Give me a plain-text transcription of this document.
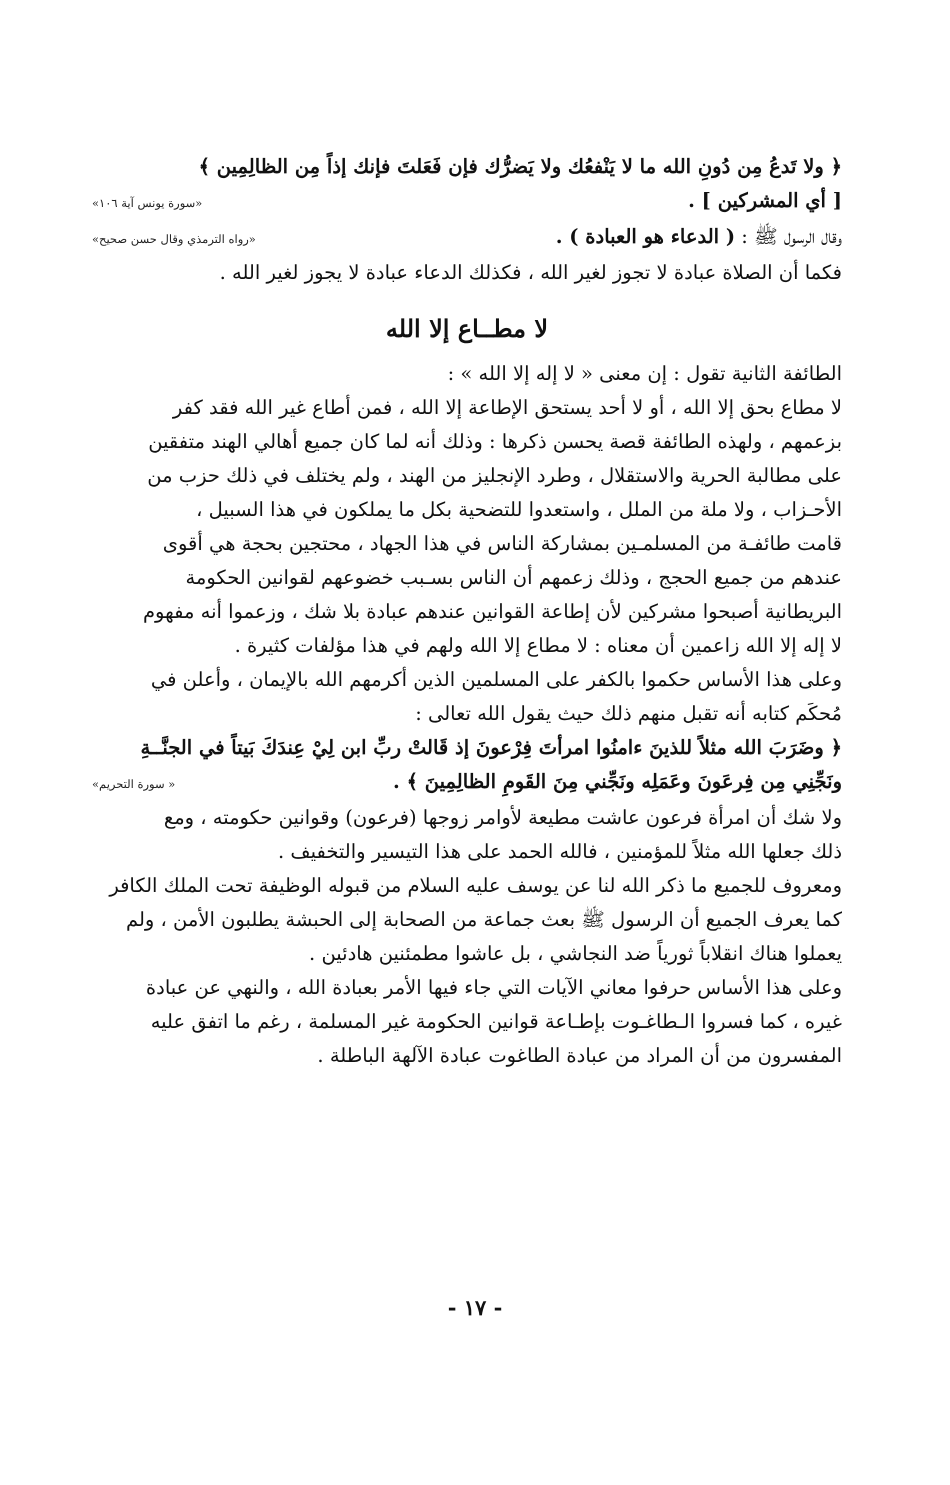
﴿ ولا تَدعُ مِن دُونِ الله ما لا يَنْفعُك ولا يَضرُّك فإن فَعَلتَ فإنك إذاً مِن الظالِمِين ﴾
[ أي المشركين ] .
«سورة يونس آية ١٠٦»
وقال الرسول ﷺ : ( الدعاء هو العبادة ) .
«رواه الترمذي وقال حسن صحيح»
فكما أن الصلاة عبادة لا تجوز لغير الله ، فكذلك الدعاء عبادة لا يجوز لغير الله .
لا مطــاع إلا الله
الطائفة الثانية تقول : إن معنى « لا إله إلا الله » :
لا مطاع بحق إلا الله ، أو لا أحد يستحق الإطاعة إلا الله ، فمن أطاع غير الله فقد كفر
بزعمهم ، ولهذه الطائفة قصة يحسن ذكرها : وذلك أنه لما كان جميع أهالي الهند متفقين
على مطالبة الحرية والاستقلال ، وطرد الإنجليز من الهند ، ولم يختلف في ذلك حزب من
الأحـزاب ، ولا ملة من الملل ، واستعدوا للتضحية بكل ما يملكون في هذا السبيل ،
قامت طائفـة من المسلمـين بمشاركة الناس في هذا الجهاد ، محتجين بحجة هي أقوى
عندهم من جميع الحجج ، وذلك زعمهم أن الناس بسـبب خضوعهم لقوانين الحكومة
البريطانية أصبحوا مشركين لأن إطاعة القوانين عندهم عبادة بلا شك ، وزعموا أنه مفهوم
لا إله إلا الله زاعمين أن معناه : لا مطاع إلا الله ولهم في هذا مؤلفات كثيرة .
وعلى هذا الأساس حكموا بالكفر على المسلمين الذين أكرمهم الله بالإيمان ، وأعلن في
مُحكَم كتابه أنه تقبل منهم ذلك حيث يقول الله تعالى :
﴿ وضَرَبَ الله مثلاً للذينَ ءامنُوا امرأتَ فِرْعونَ إذ قَالتْ ربِّ ابن لِيْ عِندَكَ بَيتاً في الجنَّــةِ
ونَجِّنِي مِن فِرعَونَ وعَمَلِه ونَجِّني مِنَ القَومِ الظالِمِينَ ﴾ .
« سورة التحريم»
ولا شك أن امرأة فرعون عاشت مطيعة لأوامر زوجها (فرعون) وقوانين حكومته ، ومع
ذلك جعلها الله مثلاً للمؤمنين ، فالله الحمد على هذا التيسير والتخفيف .
ومعروف للجميع ما ذكر الله لنا عن يوسف عليه السلام من قبوله الوظيفة تحت الملك الكافر
كما يعرف الجميع أن الرسول ﷺ بعث جماعة من الصحابة إلى الحبشة يطلبون الأمن ، ولم
يعملوا هناك انقلاباً ثورياً ضد النجاشي ، بل عاشوا مطمئنين هادئين .
وعلى هذا الأساس حرفوا معاني الآيات التي جاء فيها الأمر بعبادة الله ، والنهي عن عبادة
غيره ، كما فسروا الـطاغـوت بإطـاعة قوانين الحكومة غير المسلمة ، رغم ما اتفق عليه
المفسرون من أن المراد من عبادة الطاغوت عبادة الآلهة الباطلة .
- ١٧ -
